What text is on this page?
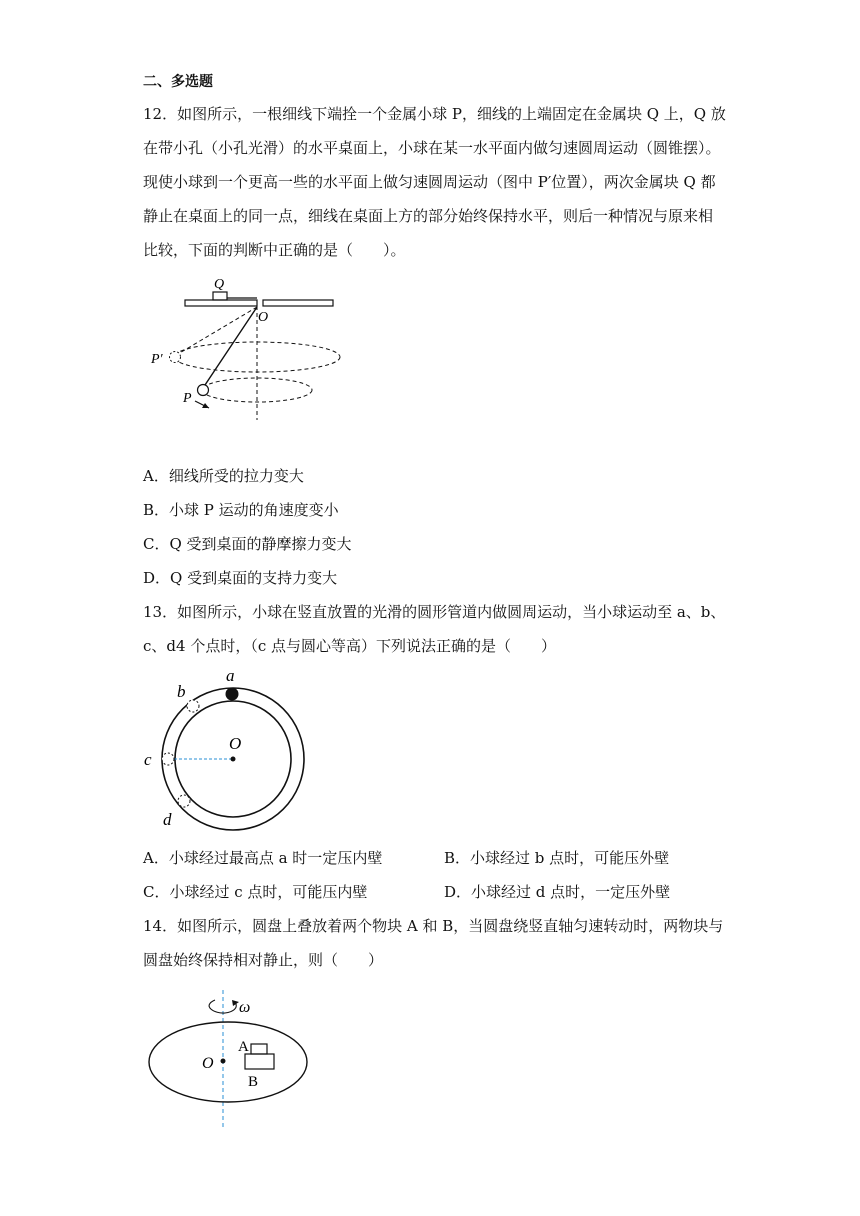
二、多选题
12．如图所示，一根细线下端拴一个金属小球 P，细线的上端固定在金属块 Q 上，Q 放
在带小孔（小孔光滑）的水平桌面上，小球在某一水平面内做匀速圆周运动（圆锥摆）。
现使小球到一个更高一些的水平面上做匀速圆周运动（图中 P′位置），两次金属块 Q 都
静止在桌面上的同一点，细线在桌面上方的部分始终保持水平，则后一种情况与原来相
比较，下面的判断中正确的是（　　）。
Q
O
P′
P
A．细线所受的拉力变大
B．小球 P 运动的角速度变小
C．Q 受到桌面的静摩擦力变大
D．Q 受到桌面的支持力变大
13．如图所示，小球在竖直放置的光滑的圆形管道内做圆周运动，当小球运动至 a、b、
c、d4 个点时，（c 点与圆心等高）下列说法正确的是（　　）
O
a
b
c
d
A．小球经过最高点 a 时一定压内壁	B．小球经过 b 点时，可能压外壁
C．小球经过 c 点时，可能压内壁	D．小球经过 d 点时，一定压外壁
14．如图所示，圆盘上叠放着两个物块 A 和 B，当圆盘绕竖直轴匀速转动时，两物块与
圆盘始终保持相对静止，则（　　）
ω
O
A
B
